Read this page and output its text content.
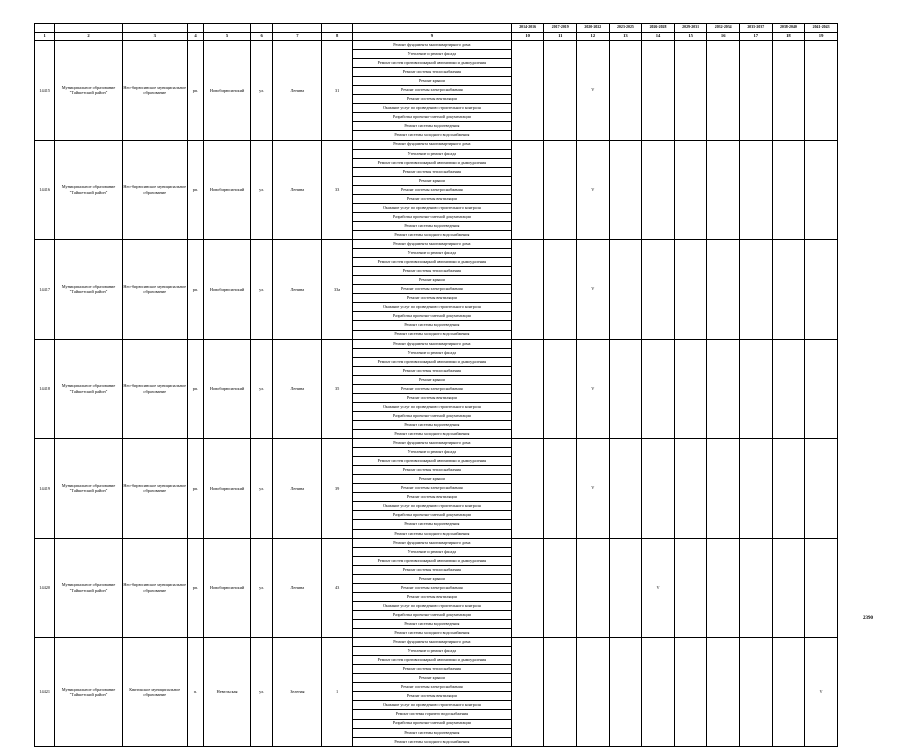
									2014-2016	2017-2019	2020-2022	2023-2025	2026-2028	2029-2031	2032-2034	2035-2037	2038-2040	2041-2043
1	2	3	4	5	6	7	8	9	10	11	12	13	14	15	16	17	18	19
14415	Муниципальное образование "Тайшетский район"	Нео-бирюсинское муниципальное образование	рп.	Новобирюсинский	ул.	Ленина	31	Ремонт фундамента многоквартирного дома			V							
								Утепление и ремонт фасада										
								Ремонт систем противопожарной автоматики и дымоудаления										
								Ремонт системы теплоснабжения										
								Ремонт крыши										
								Ремонт системы электроснабжения										
								Ремонт системы вентиляции										
								Оказание услуг по проведению строительного контроля										
								Разработка проектно-сметной документации										
								Ремонт системы водоотведения										
								Ремонт системы холодного водоснабжения										
14416	Муниципальное образование "Тайшетский район"	Нео-бирюсинское муниципальное образование	рп.	Новобирюсинский	ул.	Ленина	33	Ремонт фундамента многоквартирного дома			V							
								Утепление и ремонт фасада										
								Ремонт систем противопожарной автоматики и дымоудаления										
								Ремонт системы теплоснабжения										
								Ремонт крыши										
								Ремонт системы электроснабжения										
								Ремонт системы вентиляции										
								Оказание услуг по проведению строительного контроля										
								Разработка проектно-сметной документации										
								Ремонт системы водоотведения										
								Ремонт системы холодного водоснабжения										
14417	Муниципальное образование "Тайшетский район"	Нео-бирюсинское муниципальное образование	рп.	Новобирюсинский	ул.	Ленина	33а	Ремонт фундамента многоквартирного дома			V							
								Утепление и ремонт фасада										
								Ремонт систем противопожарной автоматики и дымоудаления										
								Ремонт системы теплоснабжения										
								Ремонт крыши										
								Ремонт системы электроснабжения										
								Ремонт системы вентиляции										
								Оказание услуг по проведению строительного контроля										
								Разработка проектно-сметной документации										
								Ремонт системы водоотведения										
								Ремонт системы холодного водоснабжения										
14418	Муниципальное образование "Тайшетский район"	Нео-бирюсинское муниципальное образование	рп.	Новобирюсинский	ул.	Ленина	35	Ремонт фундамента многоквартирного дома			V							
								Утепление и ремонт фасада										
								Ремонт систем противопожарной автоматики и дымоудаления										
								Ремонт системы теплоснабжения										
								Ремонт крыши										
								Ремонт системы электроснабжения										
								Ремонт системы вентиляции										
								Оказание услуг по проведению строительного контроля										
								Разработка проектно-сметной документации										
								Ремонт системы водоотведения										
								Ремонт системы холодного водоснабжения										
14419	Муниципальное образование "Тайшетский район"	Нео-бирюсинское муниципальное образование	рп.	Новобирюсинский	ул.	Ленина	39	Ремонт фундамента многоквартирного дома			V							
								Утепление и ремонт фасада										
								Ремонт систем противопожарной автоматики и дымоудаления										
								Ремонт системы теплоснабжения										
								Ремонт крыши										
								Ремонт системы электроснабжения										
								Ремонт системы вентиляции										
								Оказание услуг по проведению строительного контроля										
								Разработка проектно-сметной документации										
								Ремонт системы водоотведения										
								Ремонт системы холодного водоснабжения										
14420	Муниципальное образование "Тайшетский район"	Нео-бирюсинское муниципальное образование	рп.	Новобирюсинский	ул.	Ленина	43	Ремонт фундамента многоквартирного дома					V					
								Утепление и ремонт фасада										
								Ремонт систем противопожарной автоматики и дымоудаления										
								Ремонт системы теплоснабжения										
								Ремонт крыши										
								Ремонт системы электроснабжения										
								Ремонт системы вентиляции										
								Оказание услуг по проведению строительного контроля										
								Разработка проектно-сметной документации										
								Ремонт системы водоотведения										
								Ремонт системы холодного водоснабжения										
14421	Муниципальное образование "Тайшетский район"	Квитокское муниципальное образование	п.	Невельская	ул.	Зеленая	1	Ремонт фундамента многоквартирного дома										V
								Утепление и ремонт фасада										
								Ремонт систем противопожарной автоматики и дымоудаления										
								Ремонт системы теплоснабжения										
								Ремонт крыши										
								Ремонт системы электроснабжения										
								Ремонт системы вентиляции										
								Оказание услуг по проведению строительного контроля										
								Ремонт системы горячего водоснабжения										
								Разработка проектно-сметной документации										
								Ремонт системы водоотведения										
								Ремонт системы холодного водоснабжения										
2390
